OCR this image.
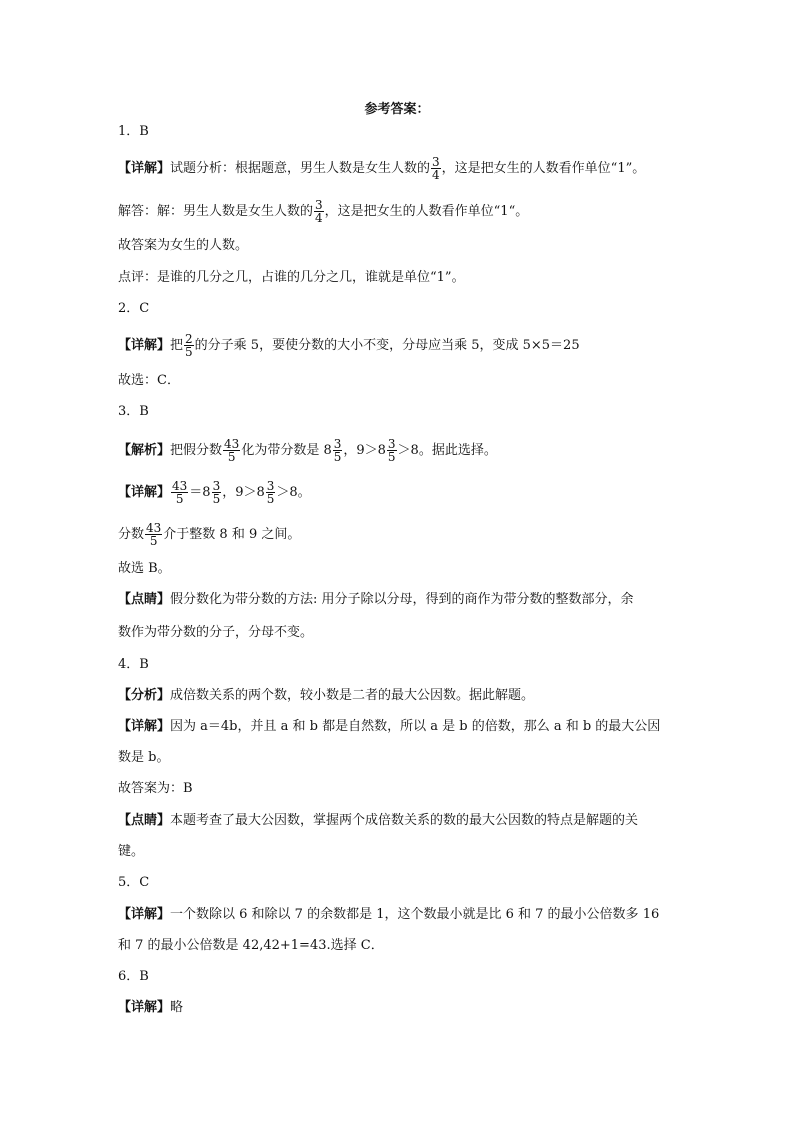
参考答案：
1．B
【详解】试题分析：根据题意，男生人数是女生人数的 $\frac{3}{4}$ ，这是把女生的人数看作单位“1”。
解答：解：男生人数是女生人数的 $\frac{3}{4}$ ，这是把女生的人数看作单位“1“。
故答案为女生的人数。
点评：是谁的几分之几，占谁的几分之几，谁就是单位“1”。
2．C
【详解】把 $\frac{2}{5}$ 的分子乘 5，要使分数的大小不变，分母应当乘 5，变成 5×5＝25
故选：C．
3．B
【解析】把假分数 $\frac{43}{5}$ 化为带分数是 $8 \frac{3}{5}$ ，$9>8 \frac{3}{5} >8$。据此选择。
【详解】 $\frac{43}{5} =8 \frac{3}{5}$ ，$9>8 \frac{3}{5} >8$。
分数 $\frac{43}{5}$ 介于整数 8 和 9 之间。
故选 B。
【点睛】假分数化为带分数的方法: 用分子除以分母，得到的商作为带分数的整数部分，余
数作为带分数的分子，分母不变。
4．B
【分析】成倍数关系的两个数，较小数是二者的最大公因数。据此解题。
【详解】因为 a＝4b，并且 a 和 b 都是自然数，所以 a 是 b 的倍数，那么 a 和 b 的最大公因
数是 b。
故答案为：B
【点睛】本题考查了最大公因数，掌握两个成倍数关系的数的最大公因数的特点是解题的关
键。
5．C
【详解】一个数除以 6 和除以 7 的余数都是 1，这个数最小就是比 6 和 7 的最小公倍数多 16
和 7 的最小公倍数是 42,42+1=43.选择 C．
6．B
【详解】略
